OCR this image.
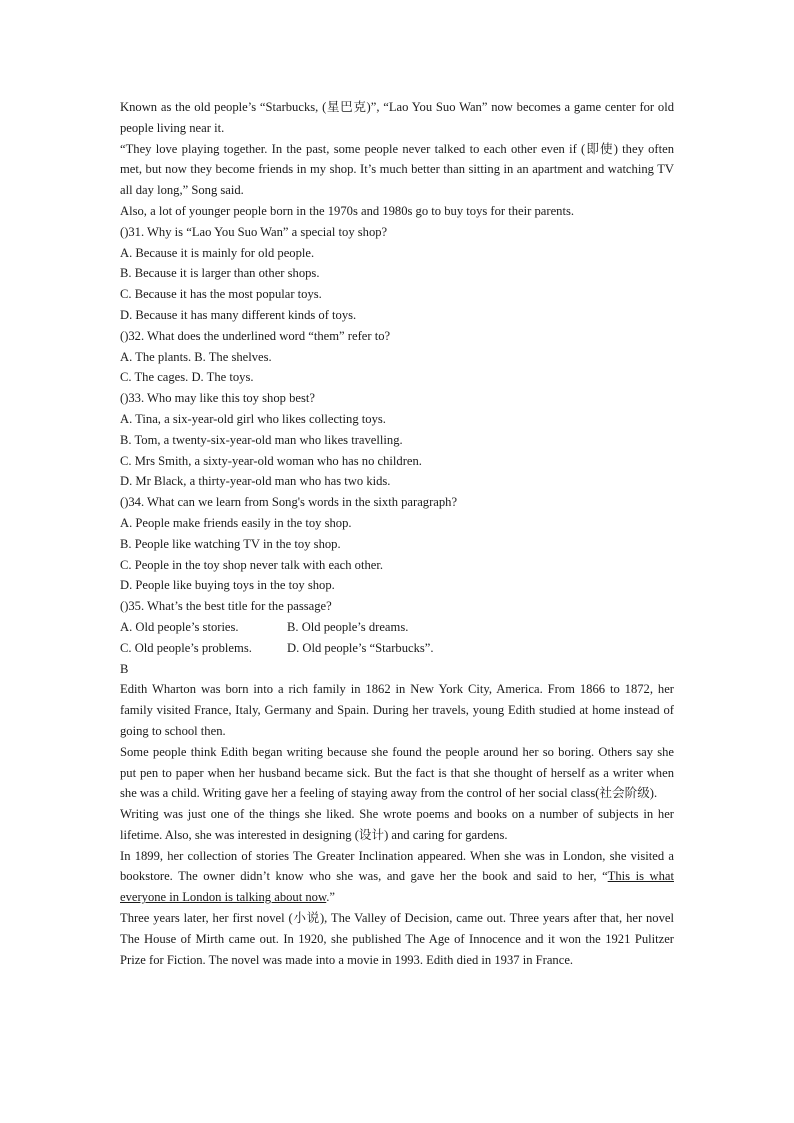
Known as the old people’s “Starbucks, (星巴克)”, “Lao You Suo Wan” now becomes a game center for old people living near it.

“They love playing together. In the past, some people never talked to each other even if (即使) they often met, but now they become friends in my shop. It’s much better than sitting in an apartment and watching TV all day long,” Song said.

Also, a lot of younger people born in the 1970s and 1980s go to buy toys for their parents.

()31. Why is “Lao You Suo Wan” a special toy shop?

A. Because it is mainly for old people.

B. Because it is larger than other shops.

C. Because it has the most popular toys.

D. Because it has many different kinds of toys.

()32. What does the underlined word “them” refer to?

A. The plants. B. The shelves.

C. The cages. D. The toys.

()33. Who may like this toy shop best?

A. Tina, a six-year-old girl who likes collecting toys.

B. Tom, a twenty-six-year-old man who likes travelling.

C. Mrs Smith, a sixty-year-old woman who has no children.

D. Mr Black, a thirty-year-old man who has two kids.

()34. What can we learn from Song's words in the sixth paragraph?

A. People make friends easily in the toy shop.

B. People like watching TV in the toy shop.

C. People in the toy shop never talk with each other.

D. People like buying toys in the toy shop.

()35. What’s the best title for the passage?

A. Old people’s stories.	B. Old people’s dreams.
C. Old people’s problems.	D. Old people’s “Starbucks”.

B

Edith Wharton was born into a rich family in 1862 in New York City, America. From 1866 to 1872, her family visited France, Italy, Germany and Spain. During her travels, young Edith studied at home instead of going to school then.

Some people think Edith began writing because she found the people around her so boring. Others say she put pen to paper when her husband became sick. But the fact is that she thought of herself as a writer when she was a child. Writing gave her a feeling of staying away from the control of her social class(社会阶级).

Writing was just one of the things she liked. She wrote poems and books on a number of subjects in her lifetime. Also, she was interested in designing (设计) and caring for gardens.

In 1899, her collection of stories The Greater Inclination appeared. When she was in London, she visited a bookstore. The owner didn’t know who she was, and gave her the book and said to her, “This is what everyone in London is talking about now.”

Three years later, her first novel (小说), The Valley of Decision, came out. Three years after that, her novel The House of Mirth came out. In 1920, she published The Age of Innocence and it won the 1921 Pulitzer Prize for Fiction. The novel was made into a movie in 1993. Edith died in 1937 in France.
